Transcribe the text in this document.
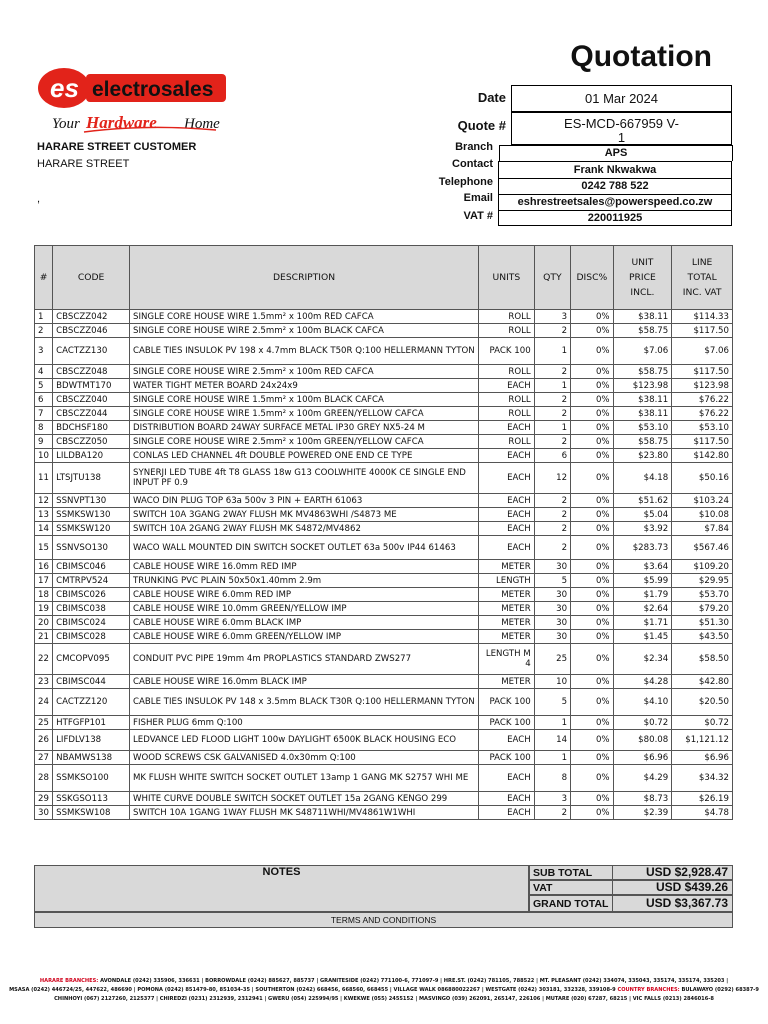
es electrosales
Your Hardware Home
Quotation
HARARE STREET CUSTOMER
HARARE STREET
,
Date	01 Mar 2024
Quote #	ES-MCD-667959 V-1
Branch	APS
Contact	Frank Nkwakwa
Telephone	0242 788 522
Email	eshrestreetsales@powerspeed.co.zw
VAT #	220011925
#	CODE	DESCRIPTION	UNITS	QTY	DISC%	UNIT PRICE INCL.	LINE TOTAL INC. VAT

1	CBSCZZ042	SINGLE CORE HOUSE WIRE 1.5mm² x 100m RED CAFCA	ROLL	3	0%	$38.11	$114.33
2	CBSCZZ046	SINGLE CORE HOUSE WIRE 2.5mm² x 100m BLACK CAFCA	ROLL	2	0%	$58.75	$117.50
3	CACTZZ130	CABLE TIES INSULOK PV 198 x 4.7mm BLACK T50R Q:100 HELLERMANN TYTON	PACK 100	1	0%	$7.06	$7.06
4	CBSCZZ048	SINGLE CORE HOUSE WIRE 2.5mm² x 100m RED CAFCA	ROLL	2	0%	$58.75	$117.50
5	BDWTMT170	WATER TIGHT METER BOARD 24x24x9	EACH	1	0%	$123.98	$123.98
6	CBSCZZ040	SINGLE CORE HOUSE WIRE 1.5mm² x 100m BLACK CAFCA	ROLL	2	0%	$38.11	$76.22
7	CBSCZZ044	SINGLE CORE HOUSE WIRE 1.5mm² x 100m GREEN/YELLOW CAFCA	ROLL	2	0%	$38.11	$76.22
8	BDCHSF180	DISTRIBUTION BOARD 24WAY SURFACE METAL IP30 GREY NX5-24 M	EACH	1	0%	$53.10	$53.10
9	CBSCZZ050	SINGLE CORE HOUSE WIRE 2.5mm² x 100m GREEN/YELLOW CAFCA	ROLL	2	0%	$58.75	$117.50
10	LILDBA120	CONLAS LED CHANNEL 4ft DOUBLE POWERED ONE END CE TYPE	EACH	6	0%	$23.80	$142.80
11	LTSJTU138	SYNERJI LED TUBE 4ft T8 GLASS 18w G13 COOLWHITE 4000K CE SINGLE END INPUT PF 0.9	EACH	12	0%	$4.18	$50.16
12	SSNVPT130	WACO DIN PLUG TOP 63a 500v 3 PIN + EARTH 61063	EACH	2	0%	$51.62	$103.24
13	SSMKSW130	SWITCH 10A 3GANG 2WAY FLUSH MK MV4863WHI /S4873 ME	EACH	2	0%	$5.04	$10.08
14	SSMKSW120	SWITCH 10A 2GANG 2WAY FLUSH MK S4872/MV4862	EACH	2	0%	$3.92	$7.84
15	SSNVSO130	WACO WALL MOUNTED DIN SWITCH SOCKET OUTLET 63a 500v IP44 61463	EACH	2	0%	$283.73	$567.46
16	CBIMSC046	CABLE HOUSE WIRE 16.0mm RED IMP	METER	30	0%	$3.64	$109.20
17	CMTRPV524	TRUNKING PVC PLAIN 50x50x1.40mm 2.9m	LENGTH	5	0%	$5.99	$29.95
18	CBIMSC026	CABLE HOUSE WIRE 6.0mm RED IMP	METER	30	0%	$1.79	$53.70
19	CBIMSC038	CABLE HOUSE WIRE 10.0mm GREEN/YELLOW IMP	METER	30	0%	$2.64	$79.20
20	CBIMSC024	CABLE HOUSE WIRE 6.0mm BLACK IMP	METER	30	0%	$1.71	$51.30
21	CBIMSC028	CABLE HOUSE WIRE 6.0mm GREEN/YELLOW IMP	METER	30	0%	$1.45	$43.50
22	CMCOPV095	CONDUIT PVC PIPE 19mm 4m PROPLASTICS STANDARD ZWS277	LENGTH M 4	25	0%	$2.34	$58.50
23	CBIMSC044	CABLE HOUSE WIRE 16.0mm BLACK IMP	METER	10	0%	$4.28	$42.80
24	CACTZZ120	CABLE TIES INSULOK PV 148 x 3.5mm BLACK T30R Q:100 HELLERMANN TYTON	PACK 100	5	0%	$4.10	$20.50
25	HTFGFP101	FISHER PLUG 6mm Q:100	PACK 100	1	0%	$0.72	$0.72
26	LIFDLV138	LEDVANCE LED FLOOD LIGHT 100w DAYLIGHT 6500K BLACK HOUSING ECO	EACH	14	0%	$80.08	$1,121.12
27	NBAMWS138	WOOD SCREWS CSK GALVANISED 4.0x30mm Q:100	PACK 100	1	0%	$6.96	$6.96
28	SSMKSO100	MK FLUSH WHITE SWITCH SOCKET OUTLET 13amp 1 GANG MK S2757 WHI ME	EACH	8	0%	$4.29	$34.32
29	SSKGSO113	WHITE CURVE DOUBLE SWITCH SOCKET OUTLET 15a 2GANG KENGO 299	EACH	3	0%	$8.73	$26.19
30	SSMKSW108	SWITCH 10A 1GANG 1WAY FLUSH MK S48711WHI/MV4861W1WHI	EACH	2	0%	$2.39	$4.78
NOTES	SUB TOTAL	USD $2,928.47
VAT	USD $439.26
GRAND TOTAL	USD $3,367.73
TERMS AND CONDITIONS
HARARE BRANCHES: AVONDALE (0242) 335906, 336631 | BORROWDALE (0242) 885627, 885737 | GRANITESIDE (0242) 771100-6, 771097-9 | HRE.ST. (0242) 781105, 788522 | MT. PLEASANT (0242) 334074, 335043, 335174, 335174, 335203 |
MSASA (0242) 446724/25, 447622, 486690 | POMONA (0242) 851479-80, 851034-35 | SOUTHERTON (0242) 668456, 668560, 668455 | VILLAGE WALK 086880022267 | WESTGATE (0242) 303181, 332328, 339108-9 COUNTRY BRANCHES: BULAWAYO (0292) 68387-9
CHINHOYI (067) 2127260, 2125377 | CHIREDZI (0231) 2312939, 2312941 | GWERU (054) 225994/95 | KWEKWE (055) 2455152 | MASVINGO (039) 262091, 265147, 226106 | MUTARE (020) 67287, 68215 | VIC FALLS (0213) 2846016-8
